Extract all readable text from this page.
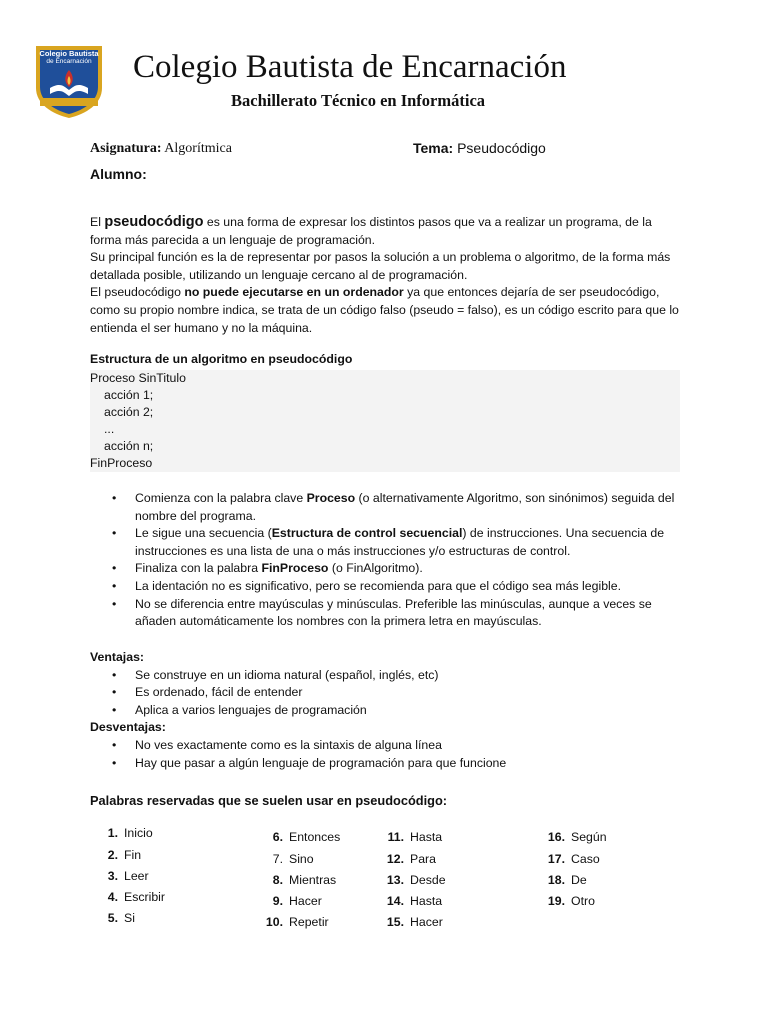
Colegio Bautista
de Encarnación	Colegio Bautista de Encarnación
Bachillerato Técnico en Informática
Asignatura: Algorítmica	Tema: Pseudocódigo
Alumno:

El pseudocódigo es una forma de expresar los distintos pasos que va a realizar un programa, de la forma más parecida a un lenguaje de programación.

Su principal función es la de representar por pasos la solución a un problema o algoritmo, de la forma más detallada posible, utilizando un lenguaje cercano al de programación.

El pseudocódigo no puede ejecutarse en un ordenador ya que entonces dejaría de ser pseudocódigo, como su propio nombre indica, se trata de un código falso (pseudo = falso), es un código escrito para que lo entienda el ser humano y no la máquina.

Estructura de un algoritmo en pseudocódigo
Proceso SinTitulo
acción 1;
acción 2;
...
acción n;
FinProceso
• Comienza con la palabra clave Proceso (o alternativamente Algoritmo, son sinónimos) seguida del nombre del programa.
• Le sigue una secuencia (Estructura de control secuencial) de instrucciones. Una secuencia de instrucciones es una lista de una o más instrucciones y/o estructuras de control.
• Finaliza con la palabra FinProceso (o FinAlgoritmo).
• La identación no es significativo, pero se recomienda para que el código sea más legible.
• No se diferencia entre mayúsculas y minúsculas. Preferible las minúsculas, aunque a veces se añaden automáticamente los nombres con la primera letra en mayúsculas.
Ventajas:
• Se construye en un idioma natural (español, inglés, etc)
• Es ordenado, fácil de entender
• Aplica a varios lenguajes de programación
Desventajas:
• No ves exactamente como es la sintaxis de alguna línea
• Hay que pasar a algún lenguaje de programación para que funcione
Palabras reservadas que se suelen usar en pseudocódigo:
1. Inicio
2. Fin
3. Leer
4. Escribir
5. Si
6. Entonces
7. Sino
8. Mientras
9. Hacer
10. Repetir
11. Hasta
12. Para
13. Desde
14. Hasta
15. Hacer
16. Según
17. Caso
18. De
19. Otro
